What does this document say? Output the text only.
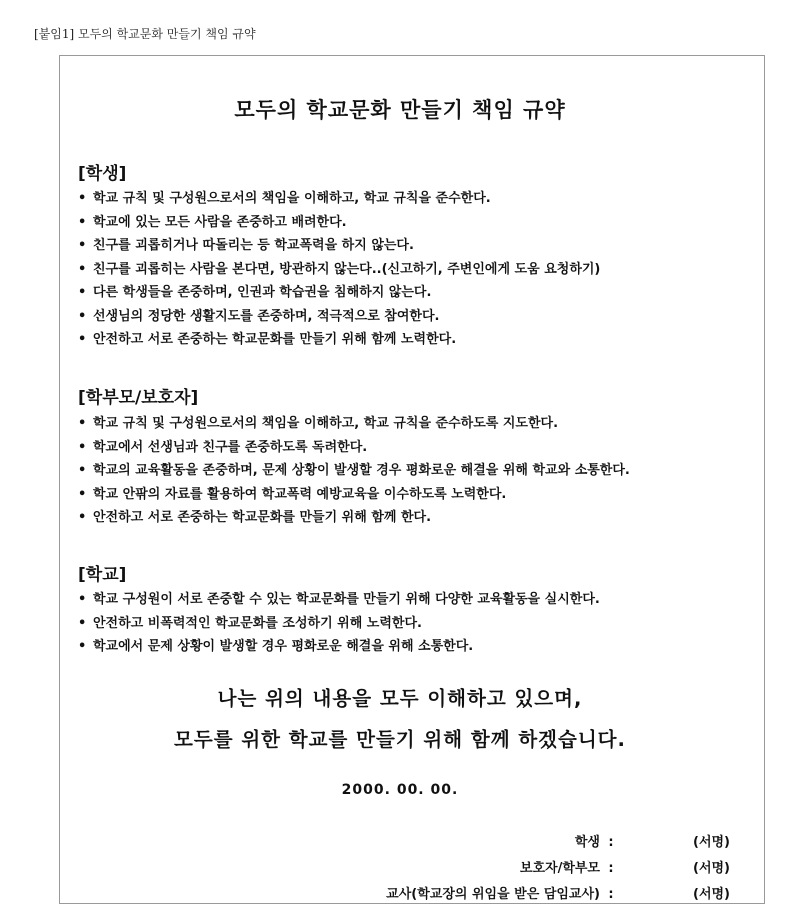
[붙임1] 모두의 학교문화 만들기 책임 규약
모두의 학교문화 만들기 책임 규약
[학생]
• 학교 규칙 및 구성원으로서의 책임을 이해하고, 학교 규칙을 준수한다.
• 학교에 있는 모든 사람을 존중하고 배려한다.
• 친구를 괴롭히거나 따돌리는 등 학교폭력을 하지 않는다.
• 친구를 괴롭히는 사람을 본다면, 방관하지 않는다..(신고하기, 주변인에게 도움 요청하기)
• 다른 학생들을 존중하며, 인권과 학습권을 침해하지 않는다.
• 선생님의 정당한 생활지도를 존중하며, 적극적으로 참여한다.
• 안전하고 서로 존중하는 학교문화를 만들기 위해 함께 노력한다.
[학부모/보호자]
• 학교 규칙 및 구성원으로서의 책임을 이해하고, 학교 규칙을 준수하도록 지도한다.
• 학교에서 선생님과 친구를 존중하도록 독려한다.
• 학교의 교육활동을 존중하며, 문제 상황이 발생할 경우 평화로운 해결을 위해 학교와 소통한다.
• 학교 안팎의 자료를 활용하여 학교폭력 예방교육을 이수하도록 노력한다.
• 안전하고 서로 존중하는 학교문화를 만들기 위해 함께 한다.
[학교]
• 학교 구성원이 서로 존중할 수 있는 학교문화를 만들기 위해 다양한 교육활동을 실시한다.
• 안전하고 비폭력적인 학교문화를 조성하기 위해 노력한다.
• 학교에서 문제 상황이 발생할 경우 평화로운 해결을 위해 소통한다.
나는 위의 내용을 모두 이해하고 있으며,
모두를 위한 학교를 만들기 위해 함께 하겠습니다.
2000. 00. 00.
학생 :	(서명)
보호자/학부모 :	(서명)
교사(학교장의 위임을 받은 담임교사) :	(서명)
